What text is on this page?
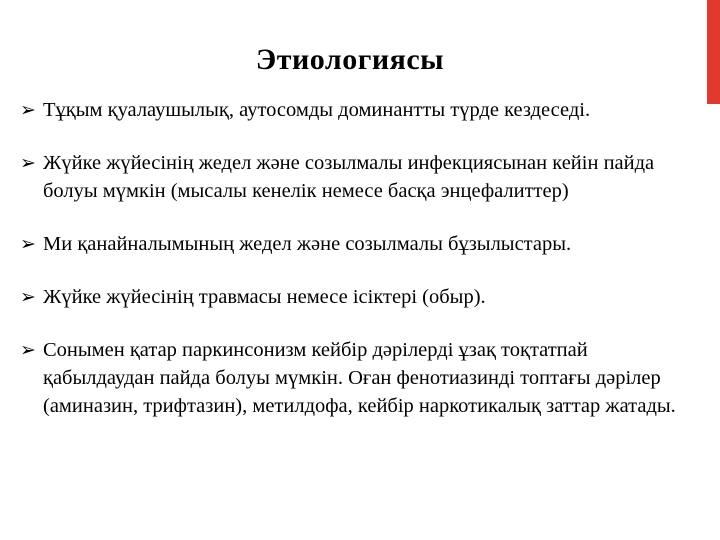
Этиологиясы
➢ Тұқым қуалаушылық, аутосомды доминантты түрде кездеседі.
➢ Жүйке жүйесінің жедел және созылмалы инфекциясынан кейін пайда болуы мүмкін (мысалы кенелік немесе басқа энцефалиттер)
➢ Ми қанайналымының жедел және созылмалы бұзылыстары.
➢ Жүйке жүйесінің травмасы немесе ісіктері (обыр).
➢ Сонымен қатар паркинсонизм кейбір дәрілерді ұзақ тоқтатпай қабылдаудан пайда болуы мүмкін. Оған фенотиазинді топтағы дәрілер (аминазин, трифтазин), метилдофа, кейбір наркотикалық заттар жатады.
